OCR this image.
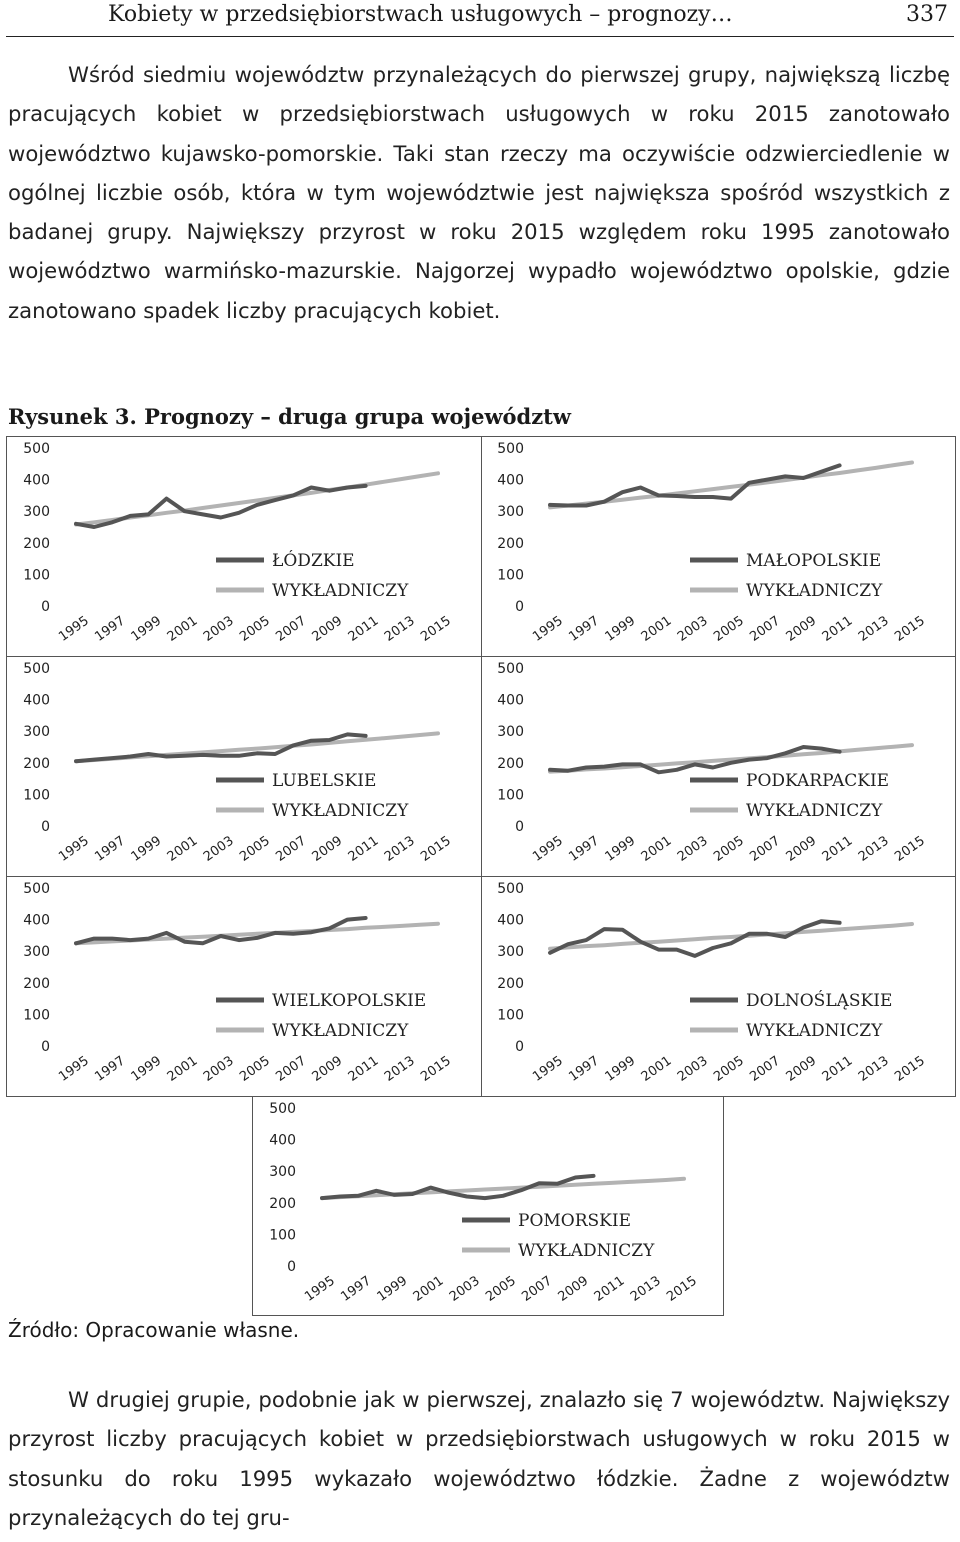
Kobiety w przedsiębiorstwach usługowych – prognozy…	337

Wśród siedmiu województw przynależących do pierwszej grupy, największą liczbę pracujących kobiet w przedsiębiorstwach usługowych w roku 2015 zanotowało województwo kujawsko-pomorskie. Taki stan rzeczy ma oczywiście odzwierciedlenie w ogólnej liczbie osób, która w tym województwie jest największa spośród wszystkich z badanej grupy. Największy przyrost w roku 2015 względem roku 1995 zanotowało województwo warmińsko-mazurskie. Najgorzej wypadło województwo opolskie, gdzie zanotowano spadek liczby pracujących kobiet.

Rysunek 3. Prognozy – druga grupa województw

0
100
200
300
400
500
1995 1997 1999 2001 2003 2005 2007 2009 2011 2013 2015
ŁÓDZKIE
WYKŁADNICZY
0
100
200
300
400
500
1995 1997 1999 2001 2003 2005 2007 2009 2011 2013 2015
MAŁOPOLSKIE
WYKŁADNICZY
0
100
200
300
400
500
1995 1997 1999 2001 2003 2005 2007 2009 2011 2013 2015
LUBELSKIE
WYKŁADNICZY
0
100
200
300
400
500
1995 1997 1999 2001 2003 2005 2007 2009 2011 2013 2015
PODKARPACKIE
WYKŁADNICZY
0
100
200
300
400
500
1995 1997 1999 2001 2003 2005 2007 2009 2011 2013 2015
WIELKOPOLSKIE
WYKŁADNICZY
0
100
200
300
400
500
1995 1997 1999 2001 2003 2005 2007 2009 2011 2013 2015
DOLNOŚLĄSKIE
WYKŁADNICZY
0
100
200
300
400
500
1995 1997 1999 2001 2003 2005 2007 2009 2011 2013 2015
POMORSKIE
WYKŁADNICZY

Źródło: Opracowanie własne.

W drugiej grupie, podobnie jak w pierwszej, znalazło się 7 województw. Największy przyrost liczby pracujących kobiet w przedsiębiorstwach usługowych w roku 2015 w stosunku do roku 1995 wykazało województwo łódzkie. Żadne z województw przynależących do tej gru-
